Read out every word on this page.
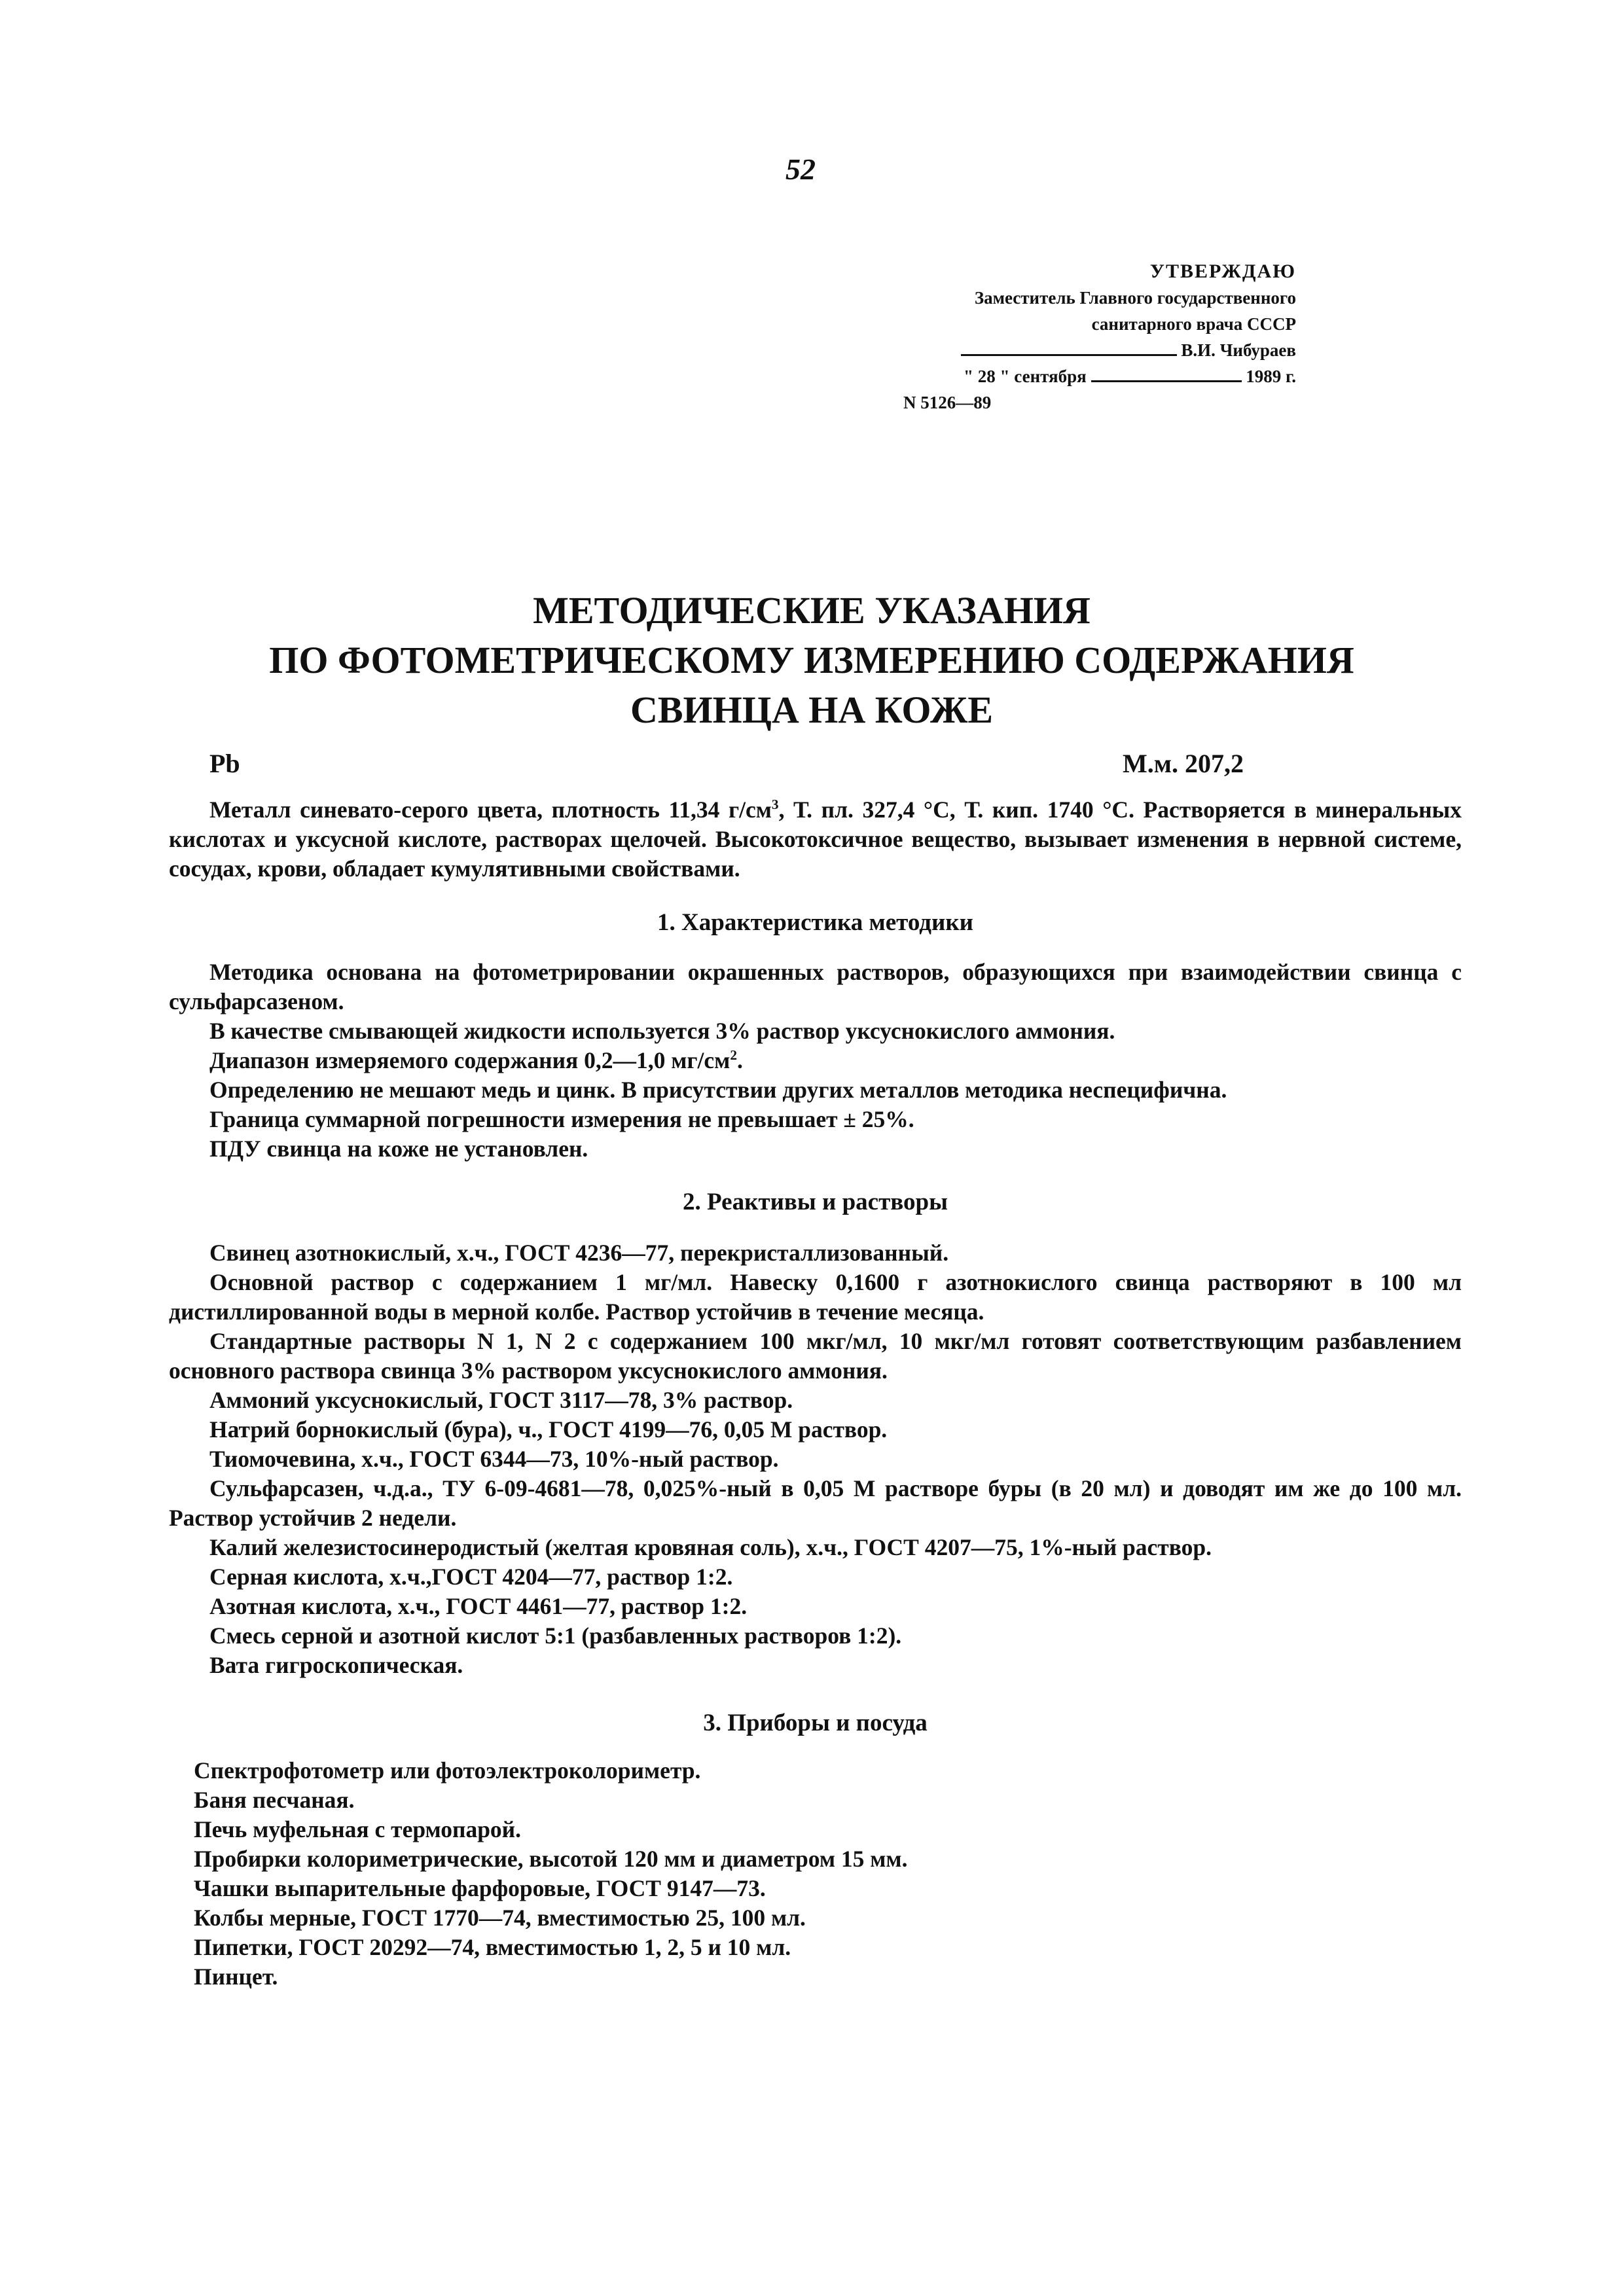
52
УТВЕРЖДАЮ
Заместитель Главного государственного
санитарного врача СССР
В.И. Чибураев
" 28 " сентября	1989 г.
N 5126—89
МЕТОДИЧЕСКИЕ УКАЗАНИЯ
ПО ФОТОМЕТРИЧЕСКОМУ ИЗМЕРЕНИЮ СОДЕРЖАНИЯ
СВИНЦА НА КОЖЕ
Pb	М.м. 207,2

Металл синевато-серого цвета, плотность 11,34 $г/см^3$, Т. пл. 327,4 °С, Т. кип. 1740 °С. Растворяется в минеральных кислотах и уксусной кислоте, растворах щелочей. Высокотоксичное вещество, вызывает изменения в нервной системе, сосудах, крови, обладает кумулятивными свойствами.

1. Характеристика методики

Методика основана на фотометрировании окрашенных растворов, образующихся при взаимодействии свинца с сульфарсазеном.

В качестве смывающей жидкости используется 3% раствор уксуснокислого аммония.

Диапазон измеряемого содержания 0,2—1,0 $мг/см^2$.

Определению не мешают медь и цинк. В присутствии других металлов методика неспецифична.

Граница суммарной погрешности измерения не превышает ± 25%.

ПДУ свинца на коже не установлен.

2. Реактивы и растворы

Свинец азотнокислый, х.ч., ГОСТ 4236—77, перекристаллизованный.

Основной раствор с содержанием 1 мг/мл. Навеску 0,1600 г азотнокислого свинца растворяют в 100 мл дистиллированной воды в мерной колбе. Раствор устойчив в течение месяца.

Стандартные растворы N 1, N 2 с содержанием 100 мкг/мл, 10 мкг/мл готовят соответствующим разбавлением основного раствора свинца 3% раствором уксуснокислого аммония.

Аммоний уксуснокислый, ГОСТ 3117—78, 3% раствор.

Натрий борнокислый (бура), ч., ГОСТ 4199—76, 0,05 М раствор.

Тиомочевина, х.ч., ГОСТ 6344—73, 10%-ный раствор.

Сульфарсазен, ч.д.а., ТУ 6-09-4681—78, 0,025%-ный в 0,05 М растворе буры (в 20 мл) и доводят им же до 100 мл. Раствор устойчив 2 недели.

Калий железистосинеродистый (желтая кровяная соль), х.ч., ГОСТ 4207—75, 1%-ный раствор.

Серная кислота, х.ч.,ГОСТ 4204—77, раствор 1:2.

Азотная кислота, х.ч., ГОСТ 4461—77, раствор 1:2.

Смесь серной и азотной кислот 5:1 (разбавленных растворов 1:2).

Вата гигроскопическая.

3. Приборы и посуда
Спектрофотометр или фотоэлектроколориметр.
Баня песчаная.
Печь муфельная с термопарой.
Пробирки колориметрические, высотой 120 мм и диаметром 15 мм.
Чашки выпарительные фарфоровые, ГОСТ 9147—73.
Колбы мерные, ГОСТ 1770—74, вместимостью 25, 100 мл.
Пипетки, ГОСТ 20292—74, вместимостью 1, 2, 5 и 10 мл.
Пинцет.
